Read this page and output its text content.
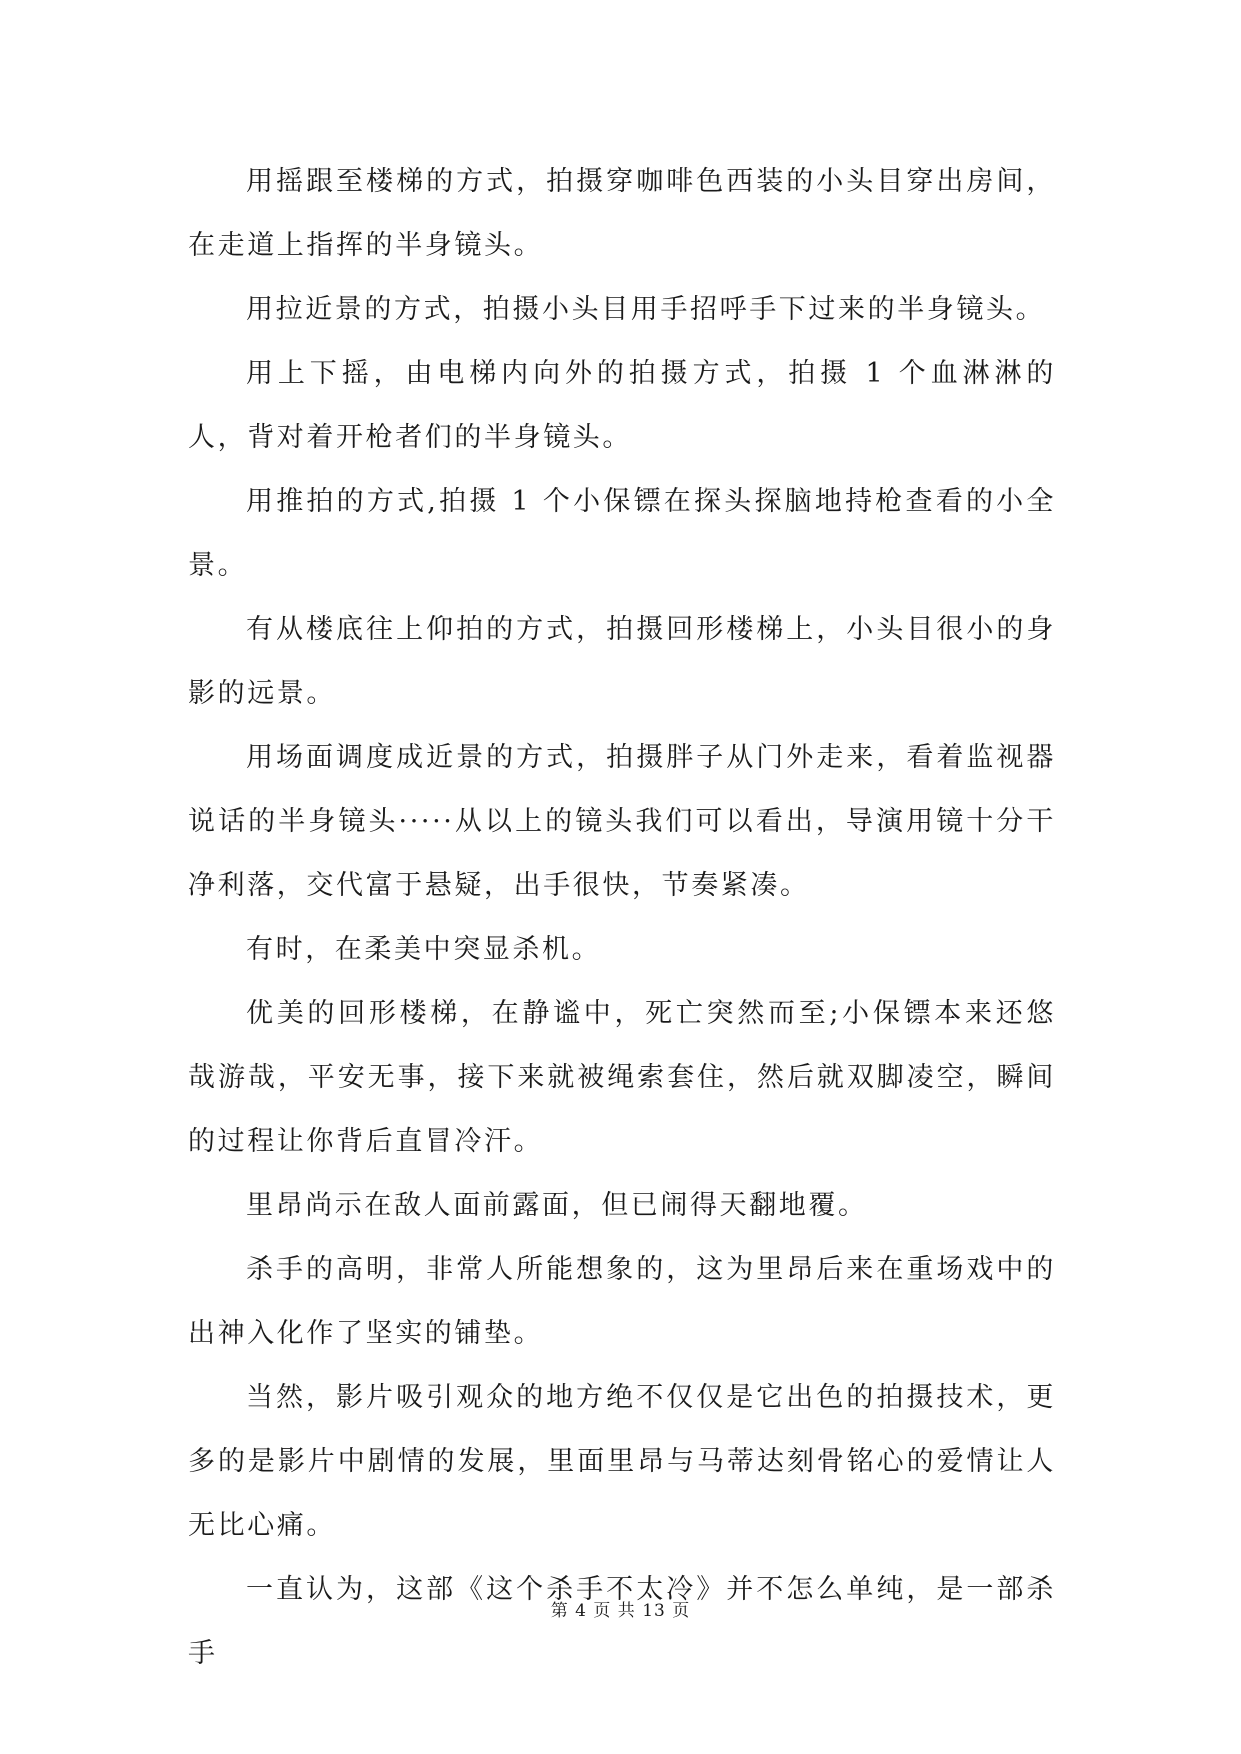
用摇跟至楼梯的方式，拍摄穿咖啡色西装的小头目穿出房间，在走道上指挥的半身镜头。

用拉近景的方式，拍摄小头目用手招呼手下过来的半身镜头。

用上下摇，由电梯内向外的拍摄方式，拍摄 1 个血淋淋的人，背对着开枪者们的半身镜头。

用推拍的方式,拍摄 1 个小保镖在探头探脑地持枪查看的小全景。

有从楼底往上仰拍的方式，拍摄回形楼梯上，小头目很小的身影的远景。

用场面调度成近景的方式，拍摄胖子从门外走来，看着监视器说话的半身镜头·····从以上的镜头我们可以看出，导演用镜十分干净利落，交代富于悬疑，出手很快，节奏紧凑。

有时，在柔美中突显杀机。

优美的回形楼梯，在静谧中，死亡突然而至;小保镖本来还悠哉游哉，平安无事，接下来就被绳索套住，然后就双脚凌空，瞬间的过程让你背后直冒冷汗。

里昂尚示在敌人面前露面，但已闹得天翻地覆。

杀手的高明，非常人所能想象的，这为里昂后来在重场戏中的出神入化作了坚实的铺垫。

当然，影片吸引观众的地方绝不仅仅是它出色的拍摄技术，更多的是影片中剧情的发展，里面里昂与马蒂达刻骨铭心的爱情让人无比心痛。

一直认为，这部《这个杀手不太冷》并不怎么单纯，是一部杀手

第 4 页 共 13 页
